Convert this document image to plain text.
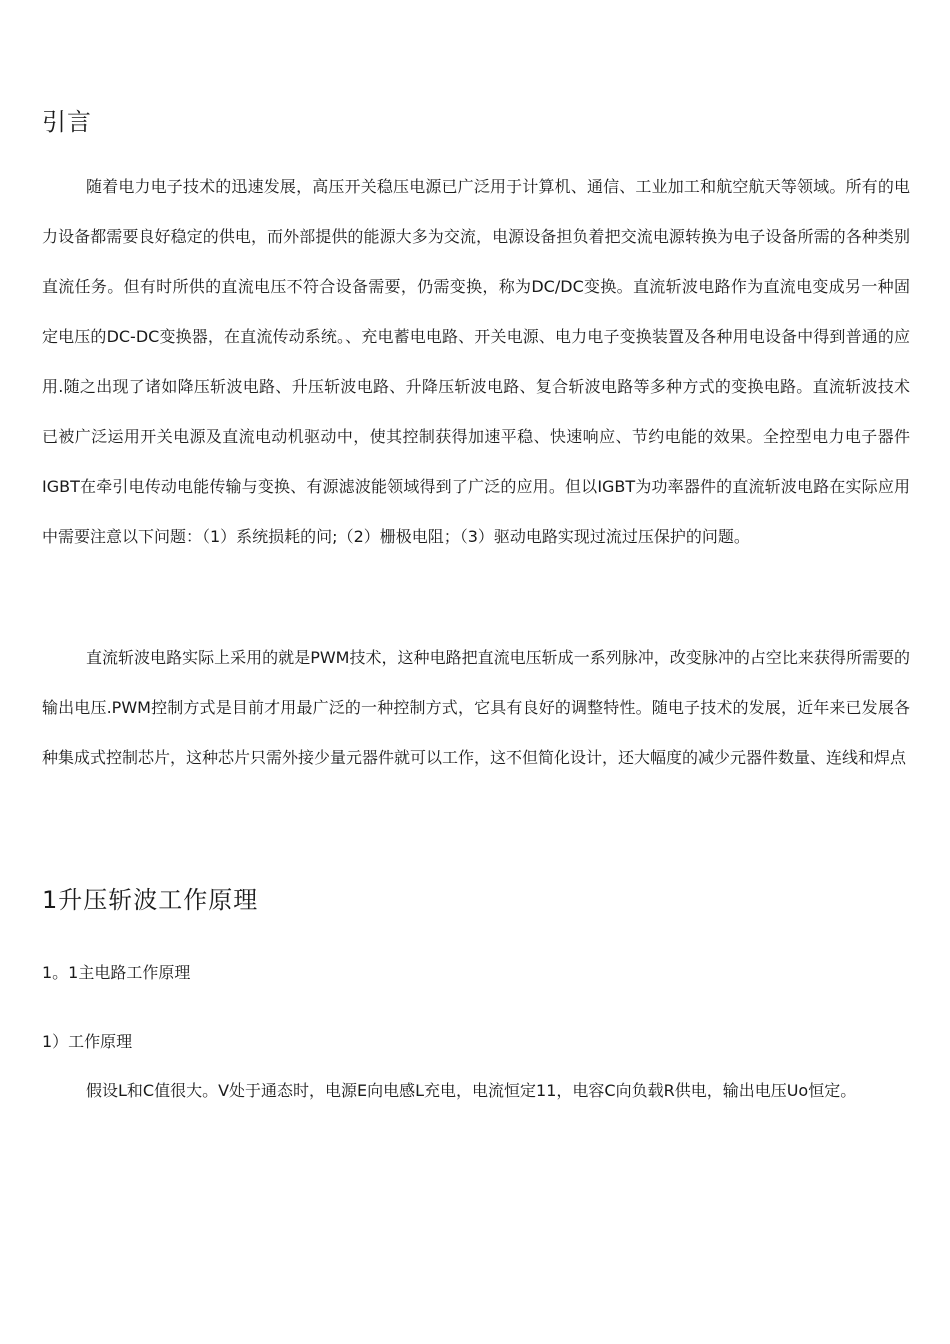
引言

随着电力电子技术的迅速发展，高压开关稳压电源已广泛用于计算机、通信、工业加工和航空航天等领域。所有的电力设备都需要良好稳定的供电，而外部提供的能源大多为交流，电源设备担负着把交流电源转换为电子设备所需的各种类别直流任务。但有时所供的直流电压不符合设备需要，仍需变换，称为DC/DC变换。直流斩波电路作为直流电变成另一种固定电压的DC-DC变换器，在直流传动系统。、充电蓄电电路、开关电源、电力电子变换装置及各种用电设备中得到普通的应用.随之出现了诸如降压斩波电路、升压斩波电路、升降压斩波电路、复合斩波电路等多种方式的变换电路。直流斩波技术已被广泛运用开关电源及直流电动机驱动中，使其控制获得加速平稳、快速响应、节约电能的效果。全控型电力电子器件IGBT在牵引电传动电能传输与变换、有源滤波能领域得到了广泛的应用。但以IGBT为功率器件的直流斩波电路在实际应用中需要注意以下问题：（1）系统损耗的问;（2）栅极电阻；（3）驱动电路实现过流过压保护的问题。

直流斩波电路实际上采用的就是PWM技术，这种电路把直流电压斩成一系列脉冲，改变脉冲的占空比来获得所需要的输出电压.PWM控制方式是目前才用最广泛的一种控制方式，它具有良好的调整特性。随电子技术的发展，近年来已发展各种集成式控制芯片，这种芯片只需外接少量元器件就可以工作，这不但简化设计，还大幅度的减少元器件数量、连线和焊点

1升压斩波工作原理
1。1主电路工作原理
1）工作原理

假设L和C值很大。V处于通态时，电源E向电感L充电，电流恒定11，电容C向负载R供电，输出电压Uo恒定。
